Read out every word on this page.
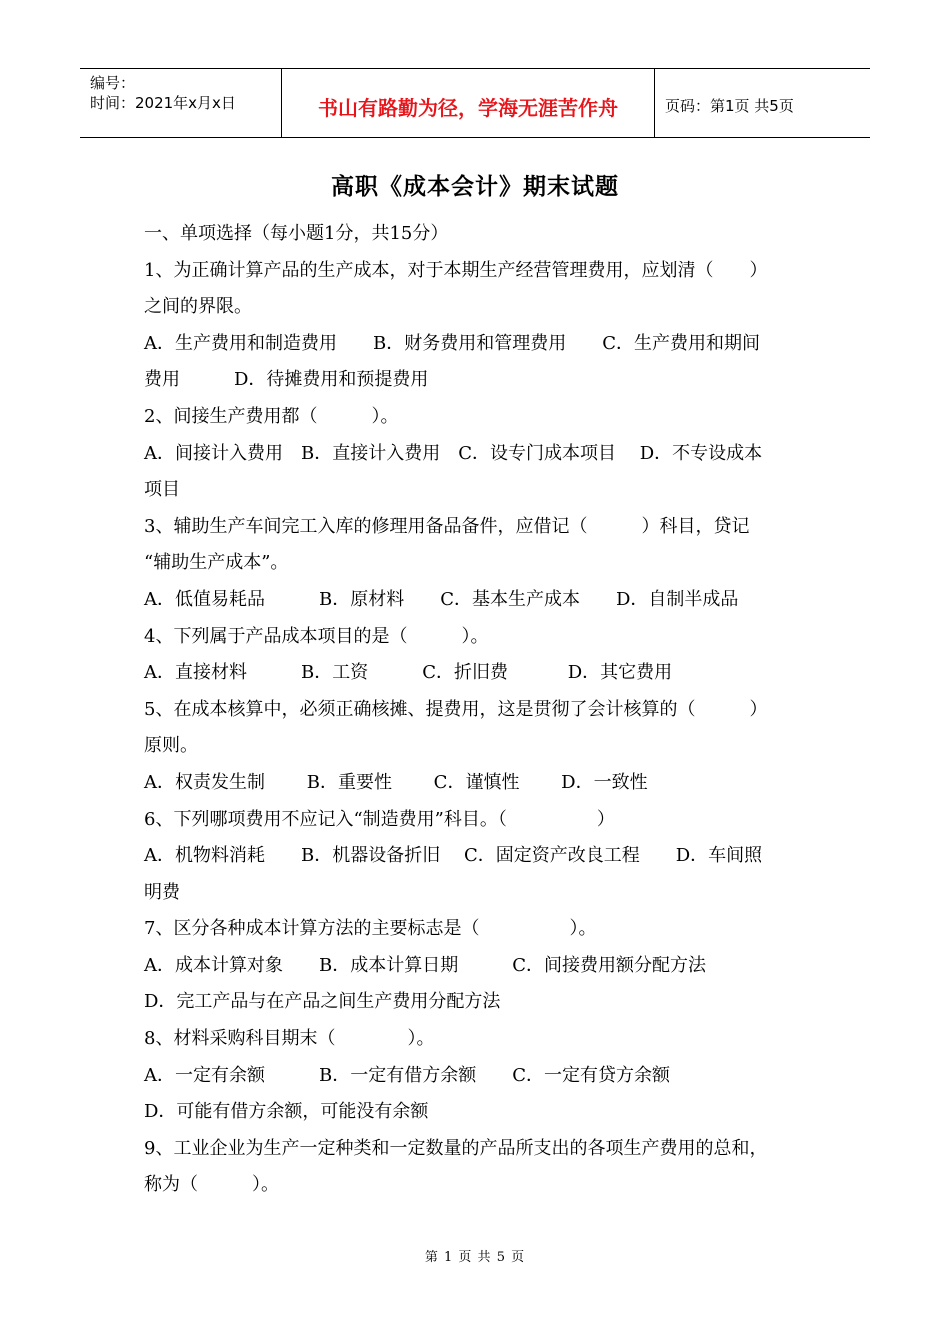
编号：
时间：2021年x月x日	书山有路勤为径，学海无涯苦作舟	页码：第1页 共5页
高职《成本会计》期末试题
一、单项选择（每小题1分，共15分）
1、为正确计算产品的生产成本，对于本期生产经营管理费用，应划清（　　）
之间的界限。
A．生产费用和制造费用　　B．财务费用和管理费用　　C．生产费用和期间
费用　　　D．待摊费用和预提费用
2、间接生产费用都（　　　）。
A．间接计入费用　B．直接计入费用　C．设专门成本项目　 D．不专设成本
项目
3、辅助生产车间完工入库的修理用备品备件，应借记（　　　）科目，贷记
“辅助生产成本”。
A．低值易耗品　　　B．原材料　　C．基本生产成本　　D．自制半成品
4、下列属于产品成本项目的是（　　　）。
A．直接材料　　　B．工资　　　C．折旧费　　　 D．其它费用
5、在成本核算中，必须正确核摊、提费用，这是贯彻了会计核算的（　　　）
原则。
A．权责发生制　　 B．重要性　　 C．谨慎性　　 D．一致性
6、下列哪项费用不应记入“制造费用”科目。（　　　　　）
A．机物料消耗　　B．机器设备折旧　 C．固定资产改良工程　　D．车间照
明费
7、区分各种成本计算方法的主要标志是（　　　　　）。
A．成本计算对象　　B．成本计算日期　　　C．间接费用额分配方法
D．完工产品与在产品之间生产费用分配方法
8、材料采购科目期末（　　　　）。
A．一定有余额　　　B．一定有借方余额　　C．一定有贷方余额
D．可能有借方余额，可能没有余额
9、工业企业为生产一定种类和一定数量的产品所支出的各项生产费用的总和，
称为（　　　）。
第 1 页 共 5 页
